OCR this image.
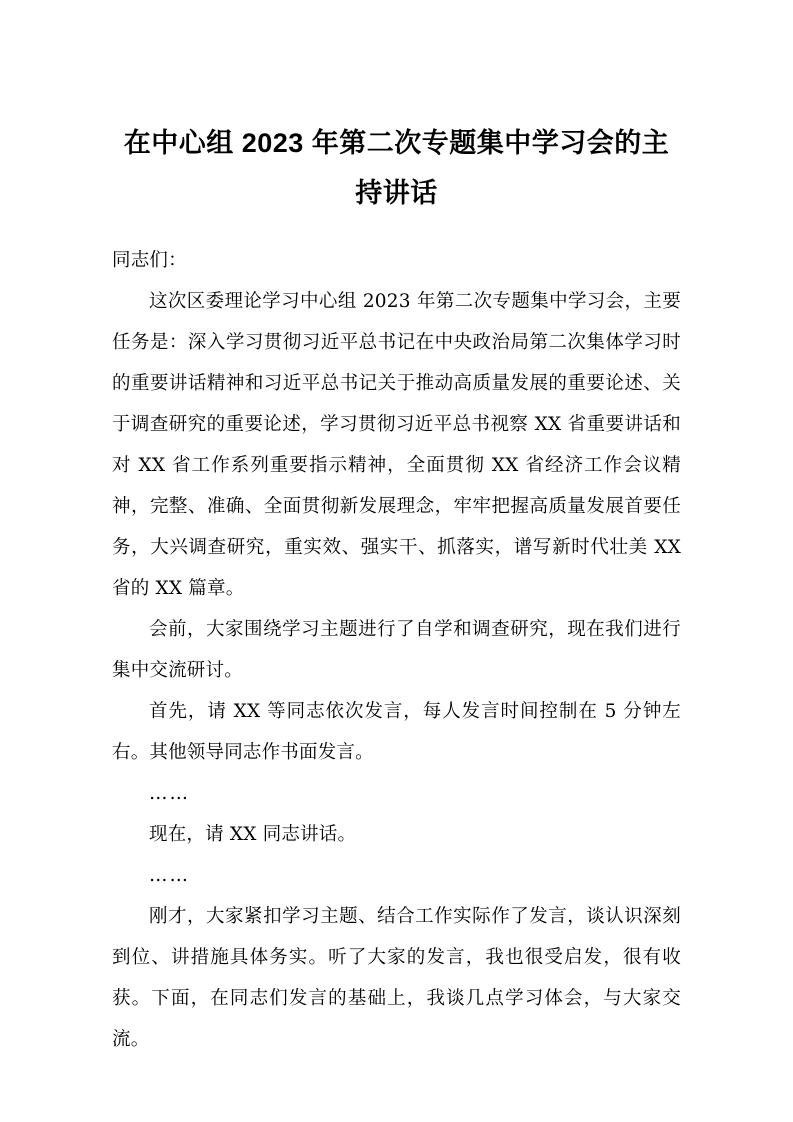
在中心组 2023 年第二次专题集中学习会的主持讲话

同志们：

这次区委理论学习中心组 2023 年第二次专题集中学习会，主要任务是：深入学习贯彻习近平总书记在中央政治局第二次集体学习时的重要讲话精神和习近平总书记关于推动高质量发展的重要论述、关于调查研究的重要论述，学习贯彻习近平总书视察 XX 省重要讲话和对 XX 省工作系列重要指示精神，全面贯彻 XX 省经济工作会议精神，完整、准确、全面贯彻新发展理念，牢牢把握高质量发展首要任务，大兴调查研究，重实效、强实干、抓落实，谱写新时代壮美 XX 省的 XX 篇章。

会前，大家围绕学习主题进行了自学和调查研究，现在我们进行集中交流研讨。

首先，请 XX 等同志依次发言，每人发言时间控制在 5 分钟左右。其他领导同志作书面发言。

……

现在，请 XX 同志讲话。

……

刚才，大家紧扣学习主题、结合工作实际作了发言，谈认识深刻到位、讲措施具体务实。听了大家的发言，我也很受启发，很有收获。下面，在同志们发言的基础上，我谈几点学习体会，与大家交流。
